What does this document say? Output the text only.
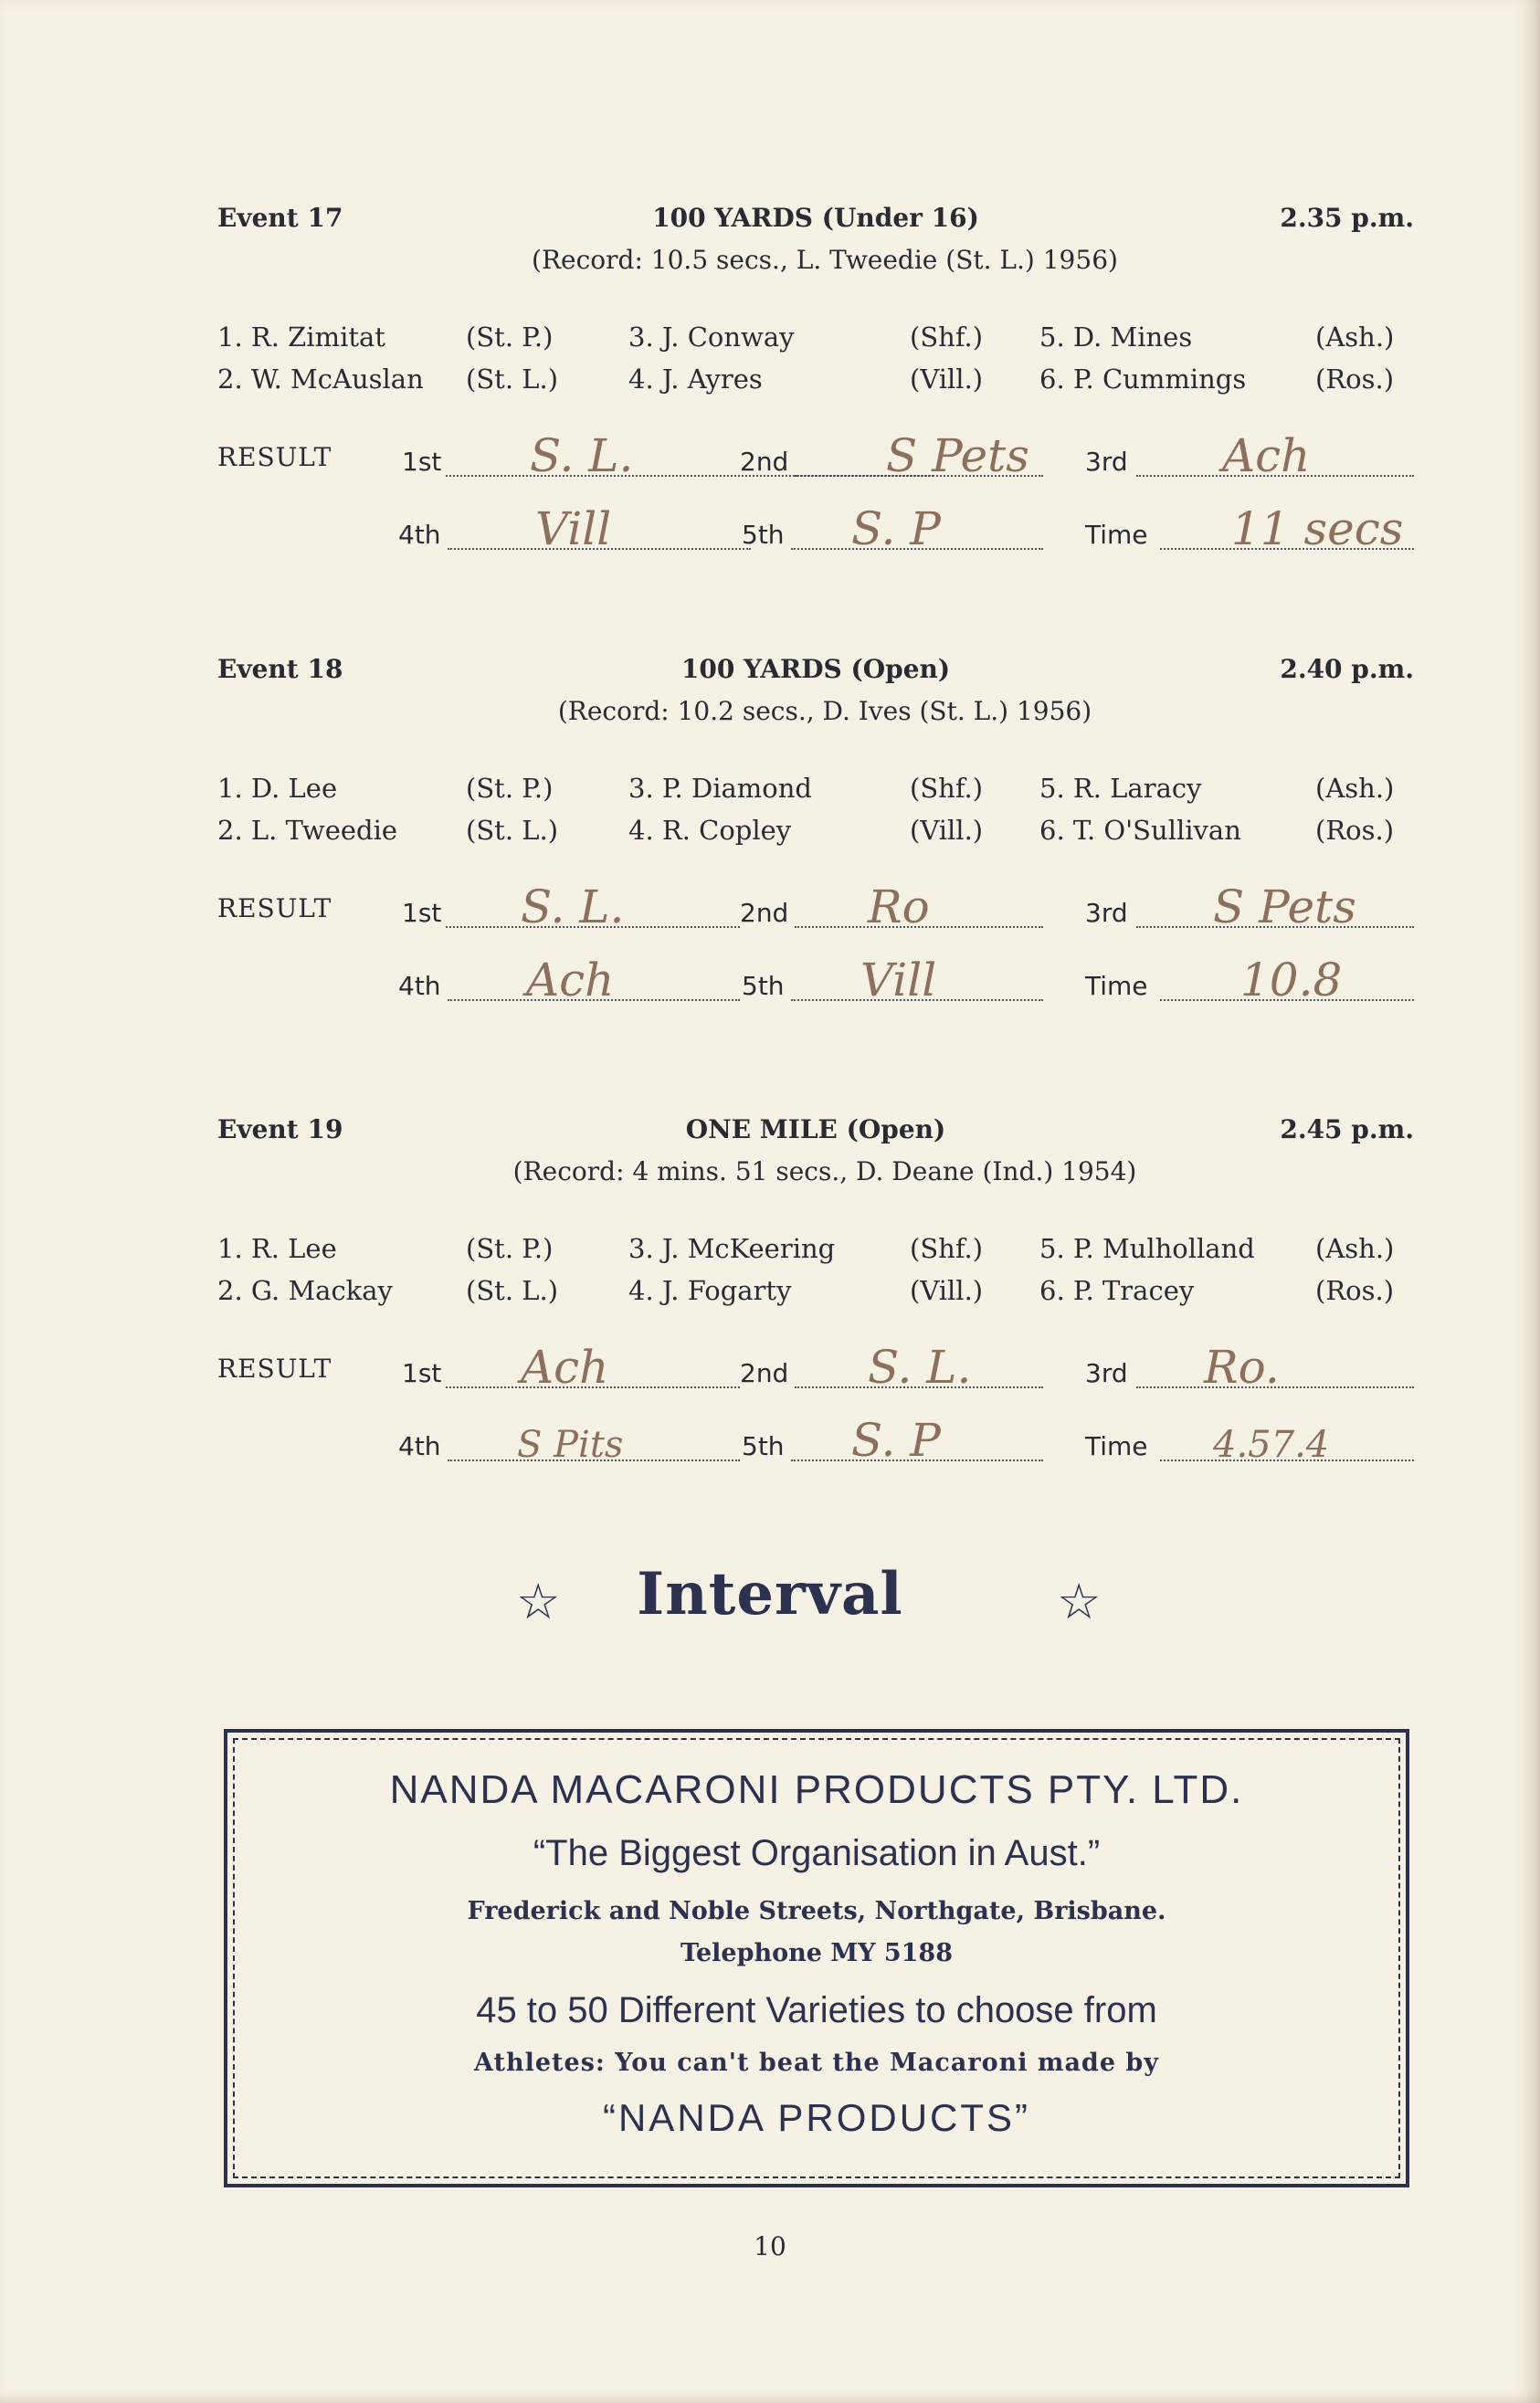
Event 17	100 YARDS (Under 16)	2.35 p.m.
(Record: 10.5 secs., L. Tweedie (St. L.) 1956)
1. R. Zimitat	(St. P.)
2. W. McAuslan (St. L.)
3. J. Conway	(Shf.)
4. J. Ayres	(Vill.)
5. D. Mines	(Ash.)
6. P. Cummings	(Ros.)
RESULT	1st S. L.	2nd S Pets 3rd Ach
4th Vill	5th S. P	Time 11 secs
Event 18	100 YARDS (Open)	2.40 p.m.
(Record: 10.2 secs., D. Ives (St. L.) 1956)
1. D. Lee	(St. P.)
2. L. Tweedie	(St. L.)
3. P. Diamond	(Shf.)
4. R. Copley	(Vill.)
5. R. Laracy	(Ash.)
6. T. O'Sullivan	(Ros.)
RESULT	1st S. L.	2nd Ro	3rd S Pets
4th Ach	5th Vill	Time 10.8
Event 19	ONE MILE (Open)	2.45 p.m.
(Record: 4 mins. 51 secs., D. Deane (Ind.) 1954)
1. R. Lee	(St. P.)
2. G. Mackay	(St. L.)
3. J. McKeering	(Shf.)
4. J. Fogarty	(Vill.)
5. P. Mulholland (Ash.)
6. P. Tracey	(Ros.)
RESULT	1st Ach	2nd S. L.	3rd Ro.
4th S Pits	5th S. P	Time 4.57.4
☆	Interval	☆
NANDA MACARONI PRODUCTS PTY. LTD.
“The Biggest Organisation in Aust.”
Frederick and Noble Streets, Northgate, Brisbane.
Telephone MY 5188
45 to 50 Different Varieties to choose from
Athletes: You can't beat the Macaroni made by
“NANDA PRODUCTS”
10
